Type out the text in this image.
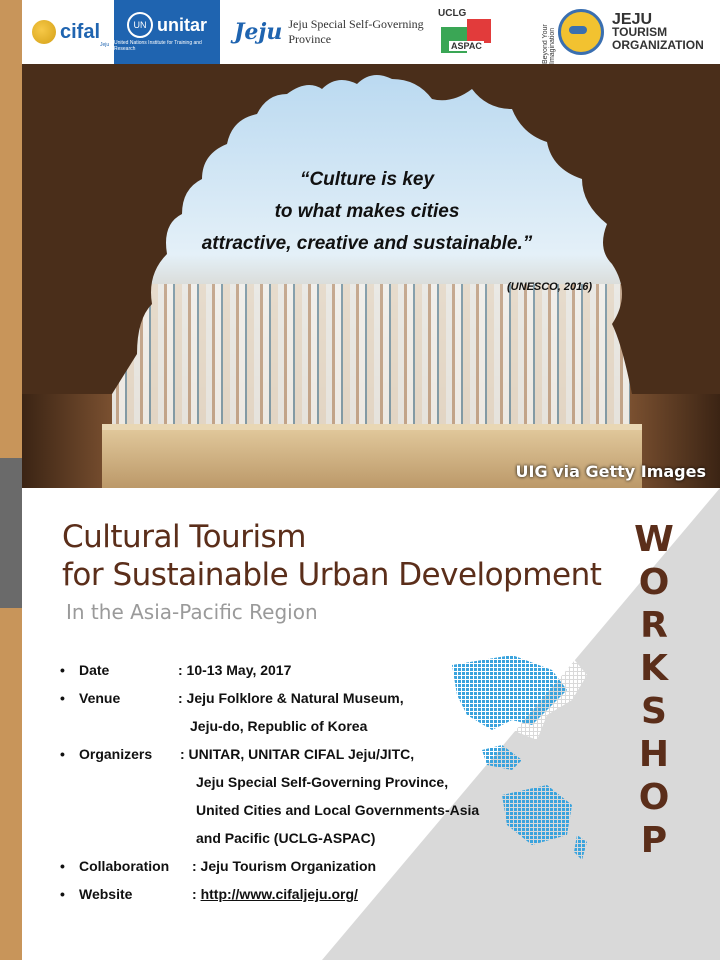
cifal
Jeju
UN unitar
United Nations Institute for Training and Research
Jeju Jeju Special Self-Governing Province
UCLG
ASPAC	Beyond Your Imagination
JEJU
TOURISM
ORGANIZATION
UIG via Getty Images
“Culture is key
to what makes cities
attractive, creative and sustainable.”
(UNESCO, 2016)
Cultural Tourism
for Sustainable Urban Development
In the Asia-Pacific Region
W
O
R
K
S
H
O
P
• Date	: 10-13 May, 2017
• Venue	: Jeju Folklore & Natural Museum,
Jeju-do, Republic of Korea
• Organizers : UNITAR, UNITAR CIFAL Jeju/JITC,
Jeju Special Self-Governing Province,
United Cities and Local Governments-Asia
and Pacific (UCLG-ASPAC)
• Collaboration : Jeju Tourism Organization
• Website	: http://www.cifaljeju.org/
